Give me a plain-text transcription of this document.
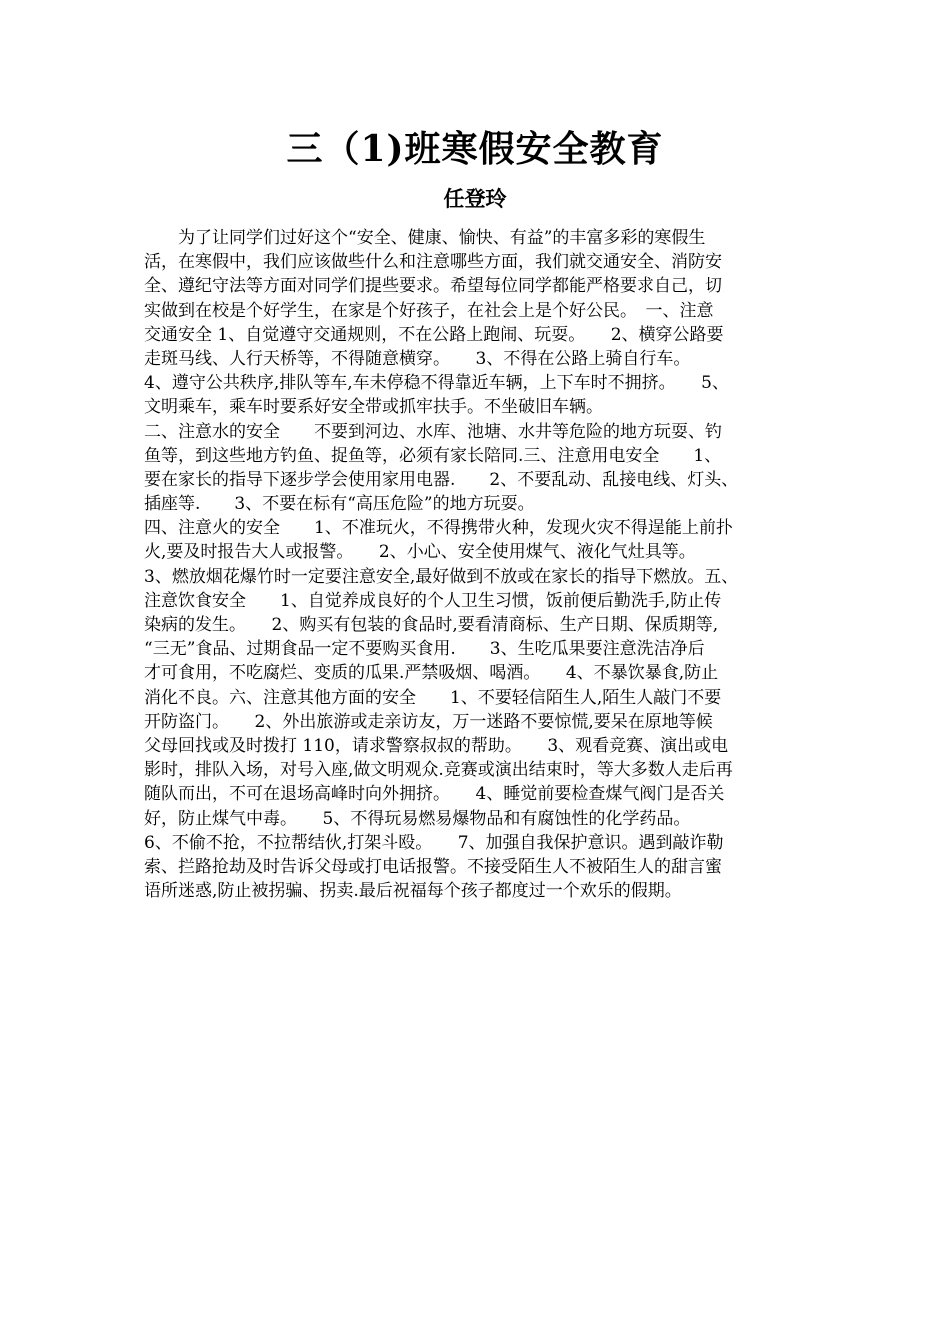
三（1)班寒假安全教育
任登玲
　　为了让同学们过好这个“安全、健康、愉快、有益”的丰富多彩的寒假生
活，在寒假中，我们应该做些什么和注意哪些方面，我们就交通安全、消防安
全、遵纪守法等方面对同学们提些要求。希望每位同学都能严格要求自己，切
实做到在校是个好学生，在家是个好孩子，在社会上是个好公民。　一、注意
交通安全 1、自觉遵守交通规则，不在公路上跑闹、玩耍。　　2、横穿公路要
走斑马线、人行天桥等，不得随意横穿。　　3、不得在公路上骑自行车。
4、遵守公共秩序,排队等车,车未停稳不得靠近车辆，上下车时不拥挤。　　5、
文明乘车，乘车时要系好安全带或抓牢扶手。不坐破旧车辆。
二、注意水的安全　　不要到河边、水库、池塘、水井等危险的地方玩耍、钓
鱼等，到这些地方钓鱼、捉鱼等，必须有家长陪同.三、注意用电安全　　1、
要在家长的指导下逐步学会使用家用电器.　　2、不要乱动、乱接电线、灯头、
插座等.　　3、不要在标有“高压危险”的地方玩耍。
四、注意火的安全　　1、不准玩火，不得携带火种，发现火灾不得逞能上前扑
火,要及时报告大人或报警。　　2、小心、安全使用煤气、液化气灶具等。
3、燃放烟花爆竹时一定要注意安全,最好做到不放或在家长的指导下燃放。五、
注意饮食安全　　1、自觉养成良好的个人卫生习惯，饭前便后勤洗手,防止传
染病的发生。　　2、购买有包装的食品时,要看清商标、生产日期、保质期等,
“三无”食品、过期食品一定不要购买食用.　　3、生吃瓜果要注意洗洁净后
才可食用，不吃腐烂、变质的瓜果.严禁吸烟、喝酒。　　4、不暴饮暴食,防止
消化不良。六、注意其他方面的安全　　1、不要轻信陌生人,陌生人敲门不要
开防盗门。　　2、外出旅游或走亲访友，万一迷路不要惊慌,要呆在原地等候
父母回找或及时拨打 110，请求警察叔叔的帮助。　　3、观看竞赛、演出或电
影时，排队入场，对号入座,做文明观众.竞赛或演出结束时，等大多数人走后再
随队而出，不可在退场高峰时向外拥挤。　　4、睡觉前要检查煤气阀门是否关
好，防止煤气中毒。　　5、不得玩易燃易爆物品和有腐蚀性的化学药品。
6、不偷不抢，不拉帮结伙,打架斗殴。　　7、加强自我保护意识。遇到敲诈勒
索、拦路抢劫及时告诉父母或打电话报警。不接受陌生人不被陌生人的甜言蜜
语所迷惑,防止被拐骗、拐卖.最后祝福每个孩子都度过一个欢乐的假期。
